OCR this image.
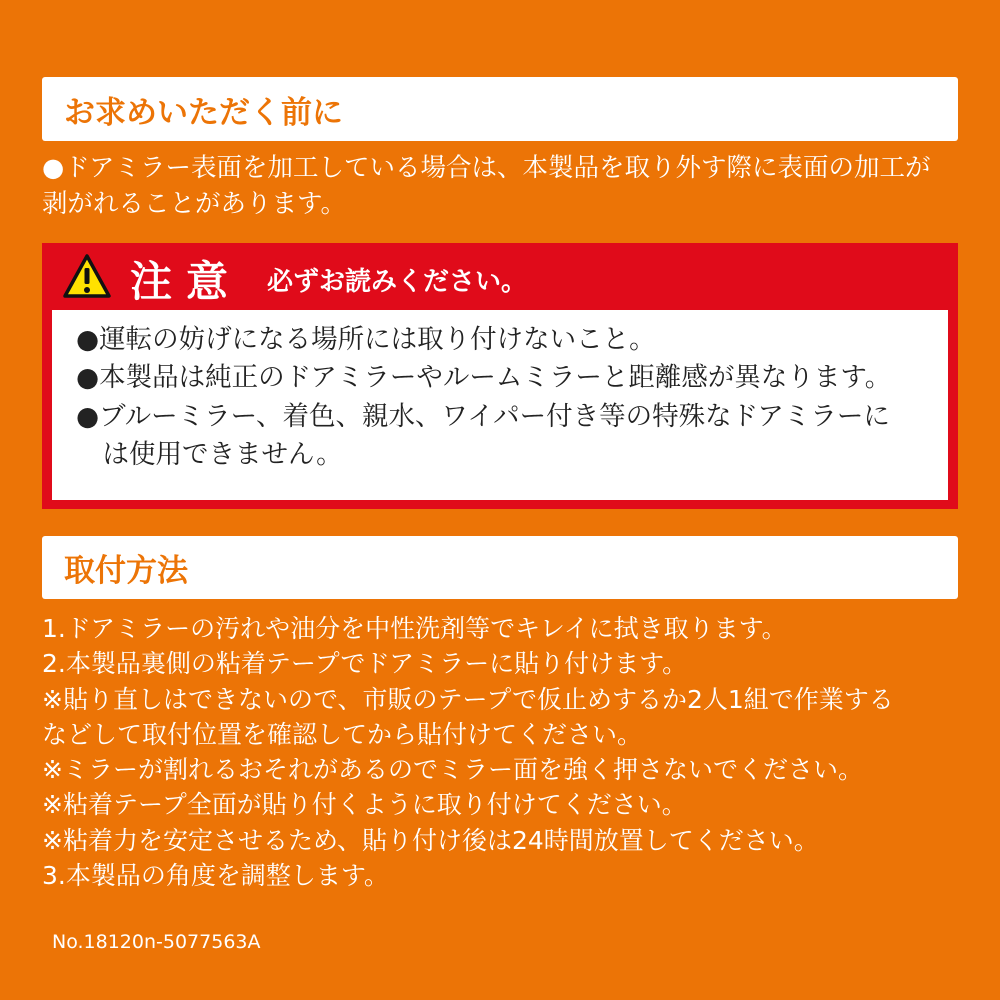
お求めいただく前に
●ドアミラー表面を加工している場合は、本製品を取り外す際に表面の加工が
剥がれることがあります。
注意 必ずお読みください。
●運転の妨げになる場所には取り付けないこと。
●本製品は純正のドアミラーやルームミラーと距離感が異なります。
●ブルーミラー、着色、親水、ワイパー付き等の特殊なドアミラーに
　は使用できません。
取付方法
1.ドアミラーの汚れや油分を中性洗剤等でキレイに拭き取ります。
2.本製品裏側の粘着テープでドアミラーに貼り付けます。
※貼り直しはできないので、市販のテープで仮止めするか2人1組で作業する
などして取付位置を確認してから貼付けてください。
※ミラーが割れるおそれがあるのでミラー面を強く押さないでください。
※粘着テープ全面が貼り付くように取り付けてください。
※粘着力を安定させるため、貼り付け後は24時間放置してください。
3.本製品の角度を調整します。
No.18120n-5077563A
